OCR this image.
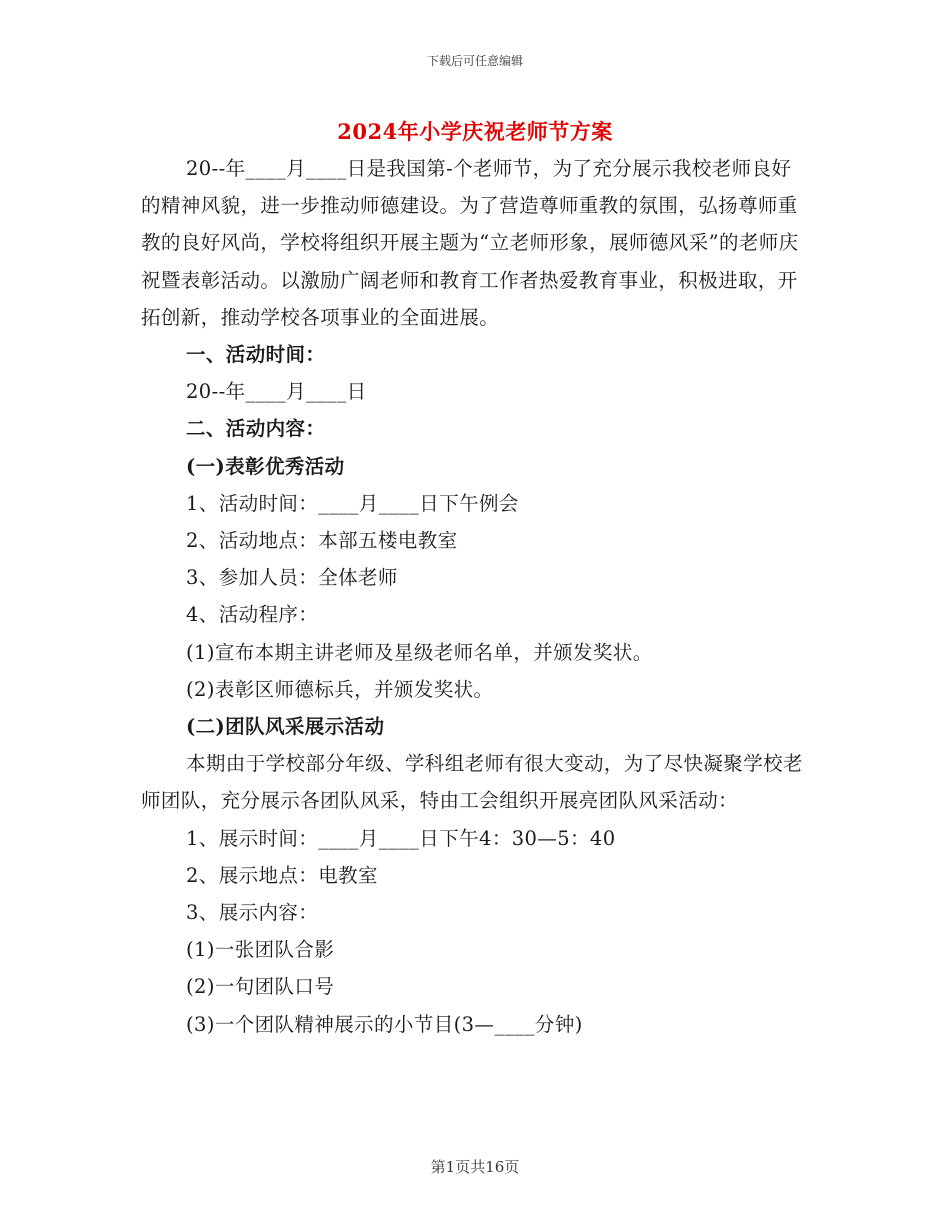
下载后可任意编辑
2024年小学庆祝老师节方案

20--年____月____日是我国第-个老师节，为了充分展示我校老师良好的精神风貌，进一步推动师德建设。为了营造尊师重教的氛围，弘扬尊师重教的良好风尚，学校将组织开展主题为“立老师形象，展师德风采”的老师庆祝暨表彰活动。以激励广阔老师和教育工作者热爱教育事业，积极进取，开拓创新，推动学校各项事业的全面进展。

一、活动时间：

20--年____月____日

二、活动内容：

(一)表彰优秀活动

1、活动时间：____月____日下午例会

2、活动地点：本部五楼电教室

3、参加人员：全体老师

4、活动程序：

(1)宣布本期主讲老师及星级老师名单，并颁发奖状。

(2)表彰区师德标兵，并颁发奖状。

(二)团队风采展示活动

本期由于学校部分年级、学科组老师有很大变动，为了尽快凝聚学校老师团队，充分展示各团队风采，特由工会组织开展亮团队风采活动：

1、展示时间：____月____日下午4：30—5：40

2、展示地点：电教室

3、展示内容：

(1)一张团队合影

(2)一句团队口号

(3)一个团队精神展示的小节目(3—____分钟)

第1页共16页
